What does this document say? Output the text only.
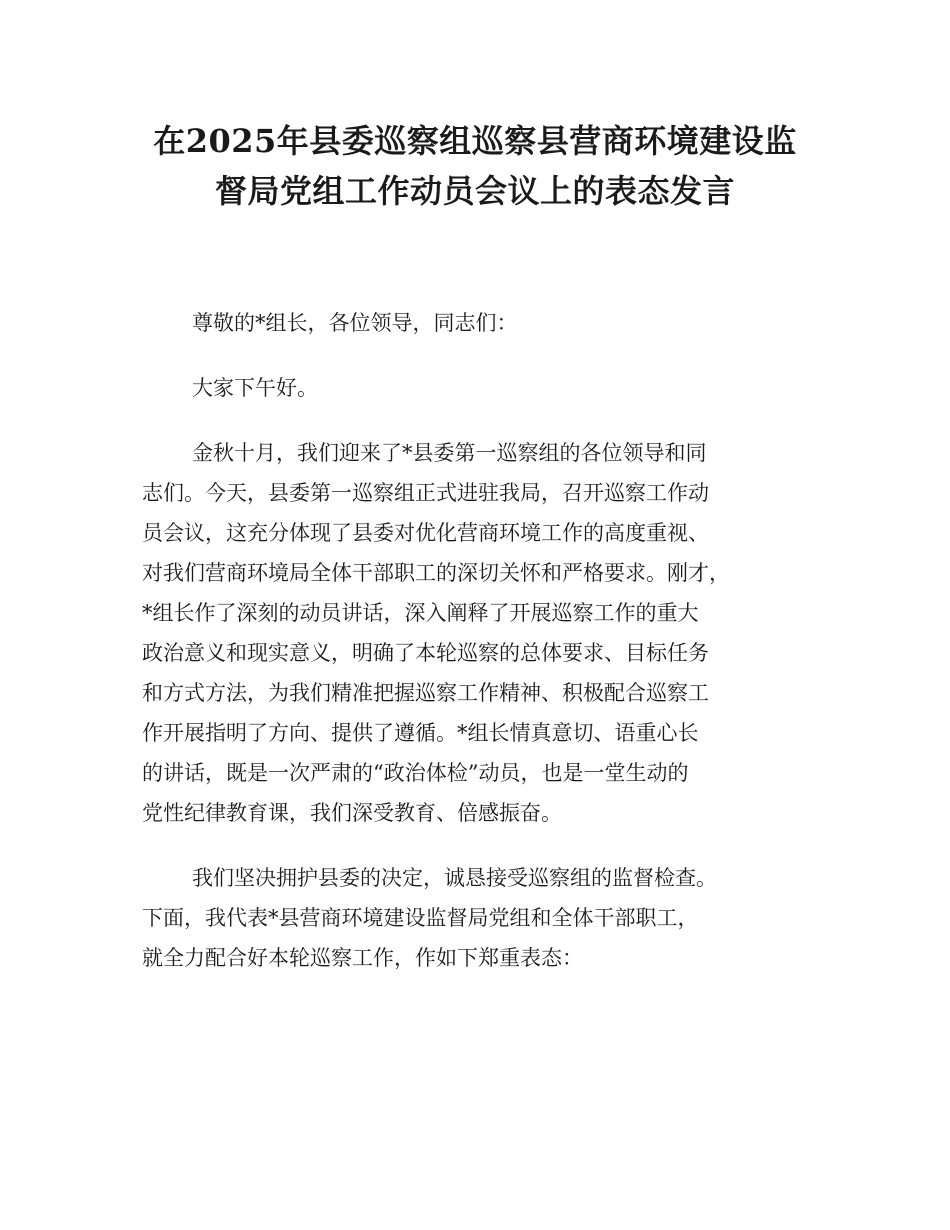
在2025年县委巡察组巡察县营商环境建设监
督局党组工作动员会议上的表态发言
尊敬的*组长，各位领导，同志们：
大家下午好。
金秋十月，我们迎来了*县委第一巡察组的各位领导和同
志们。今天，县委第一巡察组正式进驻我局，召开巡察工作动
员会议，这充分体现了县委对优化营商环境工作的高度重视、
对我们营商环境局全体干部职工的深切关怀和严格要求。刚才，
*组长作了深刻的动员讲话，深入阐释了开展巡察工作的重大
政治意义和现实意义，明确了本轮巡察的总体要求、目标任务
和方式方法，为我们精准把握巡察工作精神、积极配合巡察工
作开展指明了方向、提供了遵循。*组长情真意切、语重心长
的讲话，既是一次严肃的“政治体检”动员，也是一堂生动的
党性纪律教育课，我们深受教育、倍感振奋。
我们坚决拥护县委的决定，诚恳接受巡察组的监督检查。
下面，我代表*县营商环境建设监督局党组和全体干部职工，
就全力配合好本轮巡察工作，作如下郑重表态：
